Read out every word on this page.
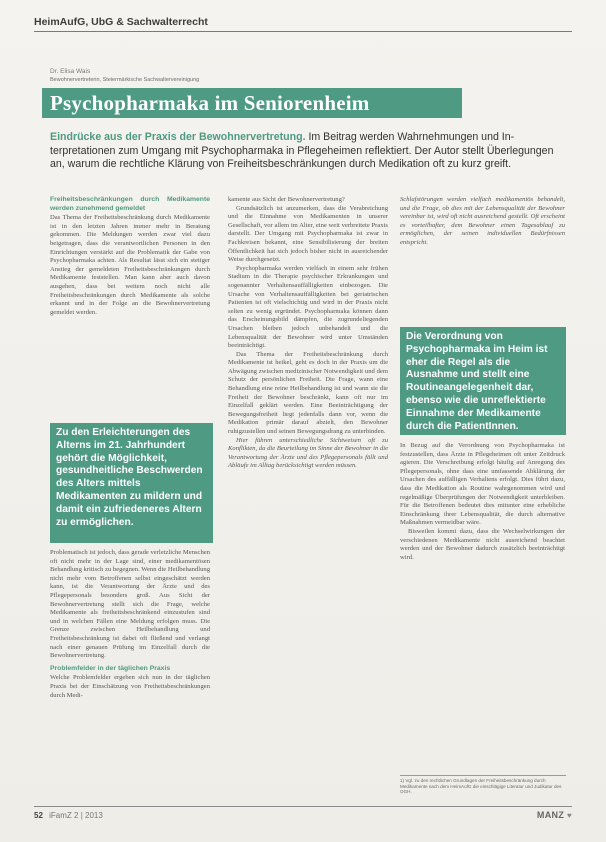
HeimAufG, UbG & Sachwalterrecht
Dr. Elisa Wais
Bewohnervertreterin, Steiermärkische Sachwaltervereinigung
Psychopharmaka im Seniorenheim
Eindrücke aus der Praxis der Bewohnervertretung. Im Beitrag werden Wahrnehmungen und Interpretationen zum Umgang mit Psychopharmaka in Pflegeheimen reflektiert. Der Autor stellt Überlegungen an, warum die rechtliche Klärung von Freiheitsbeschränkungen durch Medikation oft zu kurz greift.
Freiheitsbeschränkungen durch Medikamente werden zunehmend gemeldet

Das Thema der Freiheitsbeschränkung durch Medikamente ist in den letzten Jahren immer mehr in Beratung gekommen. Die Meldungen werden zwar viel dazu beigetragen, dass die verantwortlichen Personen in den Einrichtungen verstärkt auf die Problematik der Gabe von Psychopharmaka achten. Als Resultat lässt sich ein stetiger Anstieg der gemeldeten Freiheitsbeschränkungen durch Medikamente feststellen. Man kann aber auch davon ausgehen, dass bei weitem noch nicht alle Freiheitsbeschränkungen durch Medikamente als solche erkannt und in der Folge an die Bewohnervertretung gemeldet werden.

Zu den Erleichterungen des Alterns im 21. Jahrhundert gehört die Möglichkeit, gesundheitliche Beschwerden des Alters mittels Medikamenten zu mildern und damit ein zufriedeneres Altern zu ermöglichen.

Problematisch ist jedoch, dass gerade verletzliche Menschen oft nicht mehr in der Lage sind, einer medikamentösen Behandlung kritisch zu begegnen. Wenn die Heilbehandlung nicht mehr vom Betroffenen selbst eingeschätzt werden kann, ist die Verantwortung der Ärzte und des Pflegepersonals besonders groß. Aus Sicht der Bewohnervertretung stellt sich die Frage, welche Medikamente als freiheitsbeschränkend einzustufen sind und in welchen Fällen eine Meldung erfolgen muss. Die Grenze zwischen Heilbehandlung und Freiheitsbeschränkung ist dabei oft fließend und verlangt nach einer genauen Prüfung im Einzelfall durch die Bewohnervertretung.

Problemfelder in der täglichen Praxis

Welche Problemfelder ergeben sich nun in der täglichen Praxis bei der Einschätzung von Freiheitsbeschränkungen durch Medi-

kamente aus Sicht der Bewohnervertretung?

Grundsätzlich ist anzumerken, dass die Verabreichung und die Einnahme von Medikamenten in unserer Gesellschaft, vor allem im Alter, eine weit verbreitete Praxis darstellt. Der Umgang mit Psychopharmaka ist zwar in Fachkreisen bekannt, eine Sensibilisierung der breiten Öffentlichkeit hat sich jedoch bisher nicht in ausreichender Weise durchgesetzt.

Psychopharmaka werden vielfach in einem sehr frühen Stadium in die Therapie psychischer Erkrankungen und sogenannter Verhaltensauffälligkeiten einbezogen. Die Ursache von Verhaltensauffälligkeiten bei geriatrischen Patienten ist oft vielschichtig und wird in der Praxis nicht selten zu wenig ergründet. Psychopharmaka können dann das Erscheinungsbild dämpfen, die zugrundeliegenden Ursachen bleiben jedoch unbehandelt und die Lebensqualität der Bewohner wird unter Umständen beeinträchtigt.

Das Thema der Freiheitsbeschränkung durch Medikamente ist heikel, geht es doch in der Praxis um die Abwägung zwischen medizinischer Notwendigkeit und dem Schutz der persönlichen Freiheit. Die Frage, wann eine Behandlung eine reine Heilbehandlung ist und wann sie die Freiheit der Bewohner beschränkt, kann oft nur im Einzelfall geklärt werden. Eine Beeinträchtigung der Bewegungsfreiheit liegt jedenfalls dann vor, wenn die Medikation primär darauf abzielt, den Bewohner ruhigzustellen und seinen Bewegungsdrang zu unterbinden.

Hier führen unterschiedliche Sichtweisen oft zu Konflikten, da die Beurteilung im Sinne der Bewohner in die Verantwortung der Ärzte und des Pflegepersonals fällt und Abläufe im Alltag berücksichtigt werden müssen.

Schlafstörungen werden vielfach medikamentös behandelt, und die Frage, ob dies mit der Lebensqualität der Bewohner vereinbar ist, wird oft nicht ausreichend gestellt. Oft erscheint es vorteilhafter, dem Bewohner einen Tagesablauf zu ermöglichen, der seinen individuellen Bedürfnissen entspricht.

Die Verordnung von Psychopharmaka im Heim ist eher die Regel als die Ausnahme und stellt eine Routineangelegenheit dar, ebenso wie die unreflektierte Einnahme der Medikamente durch die PatientInnen.

In Bezug auf die Verordnung von Psychopharmaka ist festzustellen, dass Ärzte in Pflegeheimen oft unter Zeitdruck agieren. Die Verschreibung erfolgt häufig auf Anregung des Pflegepersonals, ohne dass eine umfassende Abklärung der Ursachen des auffälligen Verhaltens erfolgt. Dies führt dazu, dass die Medikation als Routine wahrgenommen wird und regelmäßige Überprüfungen der Notwendigkeit unterbleiben. Für die Betroffenen bedeutet dies mitunter eine erhebliche Einschränkung ihrer Lebensqualität, die durch alternative Maßnahmen vermeidbar wäre.

Bisweilen kommt dazu, dass die Wechselwirkungen der verschiedenen Medikamente nicht ausreichend beachtet werden und der Bewohner dadurch zusätzlich beeinträchtigt wird.

1) Vgl. zu den rechtlichen Grundlagen der Freiheitsbeschränkung durch Medikamente nach dem HeimAufG die einschlägige Literatur und Judikatur des OGH.
52 iFamZ 2 | 2013	MANZ ♥
